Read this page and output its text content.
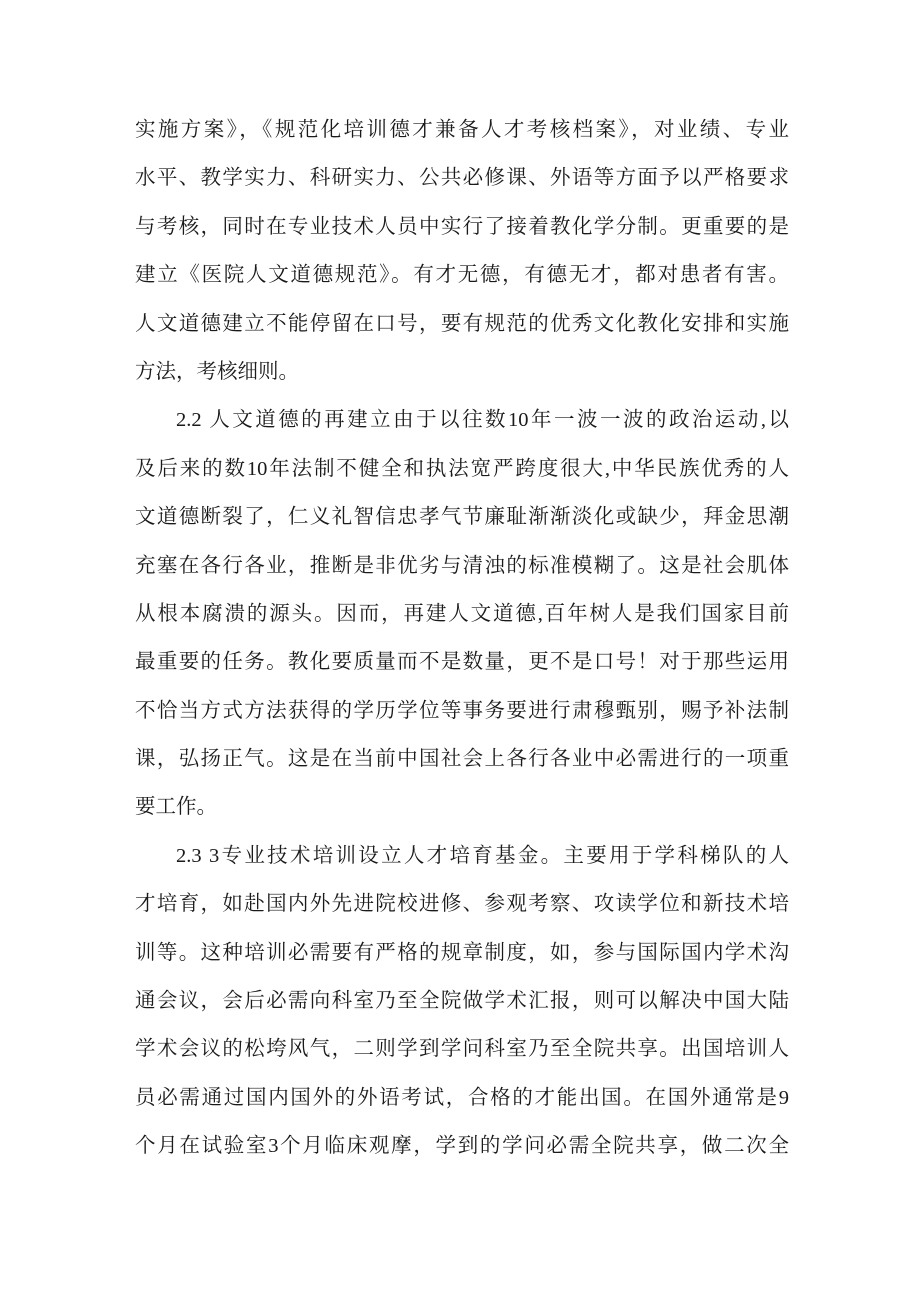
实施方案》，《规范化培训德才兼备人才考核档案》，对业绩、专业
水平、教学实力、科研实力、公共必修课、外语等方面予以严格要求
与考核，同时在专业技术人员中实行了接着教化学分制。更重要的是
建立《医院人文道德规范》。有才无德，有德无才，都对患者有害。
人文道德建立不能停留在口号，要有规范的优秀文化教化安排和实施
方法，考核细则。
2.2 人文道德的再建立由于以往数10年一波一波的政治运动,以
及后来的数10年法制不健全和执法宽严跨度很大,中华民族优秀的人
文道德断裂了，仁义礼智信忠孝气节廉耻渐渐淡化或缺少，拜金思潮
充塞在各行各业，推断是非优劣与清浊的标准模糊了。这是社会肌体
从根本腐溃的源头。因而，再建人文道德,百年树人是我们国家目前
最重要的任务。教化要质量而不是数量，更不是口号！对于那些运用
不恰当方式方法获得的学历学位等事务要进行肃穆甄别，赐予补法制
课，弘扬正气。这是在当前中国社会上各行各业中必需进行的一项重
要工作。
2.3 3专业技术培训设立人才培育基金。主要用于学科梯队的人
才培育，如赴国内外先进院校进修、参观考察、攻读学位和新技术培
训等。这种培训必需要有严格的规章制度，如，参与国际国内学术沟
通会议，会后必需向科室乃至全院做学术汇报，则可以解决中国大陆
学术会议的松垮风气，二则学到学问科室乃至全院共享。出国培训人
员必需通过国内国外的外语考试，合格的才能出国。在国外通常是9
个月在试验室3个月临床观摩，学到的学问必需全院共享，做二次全
